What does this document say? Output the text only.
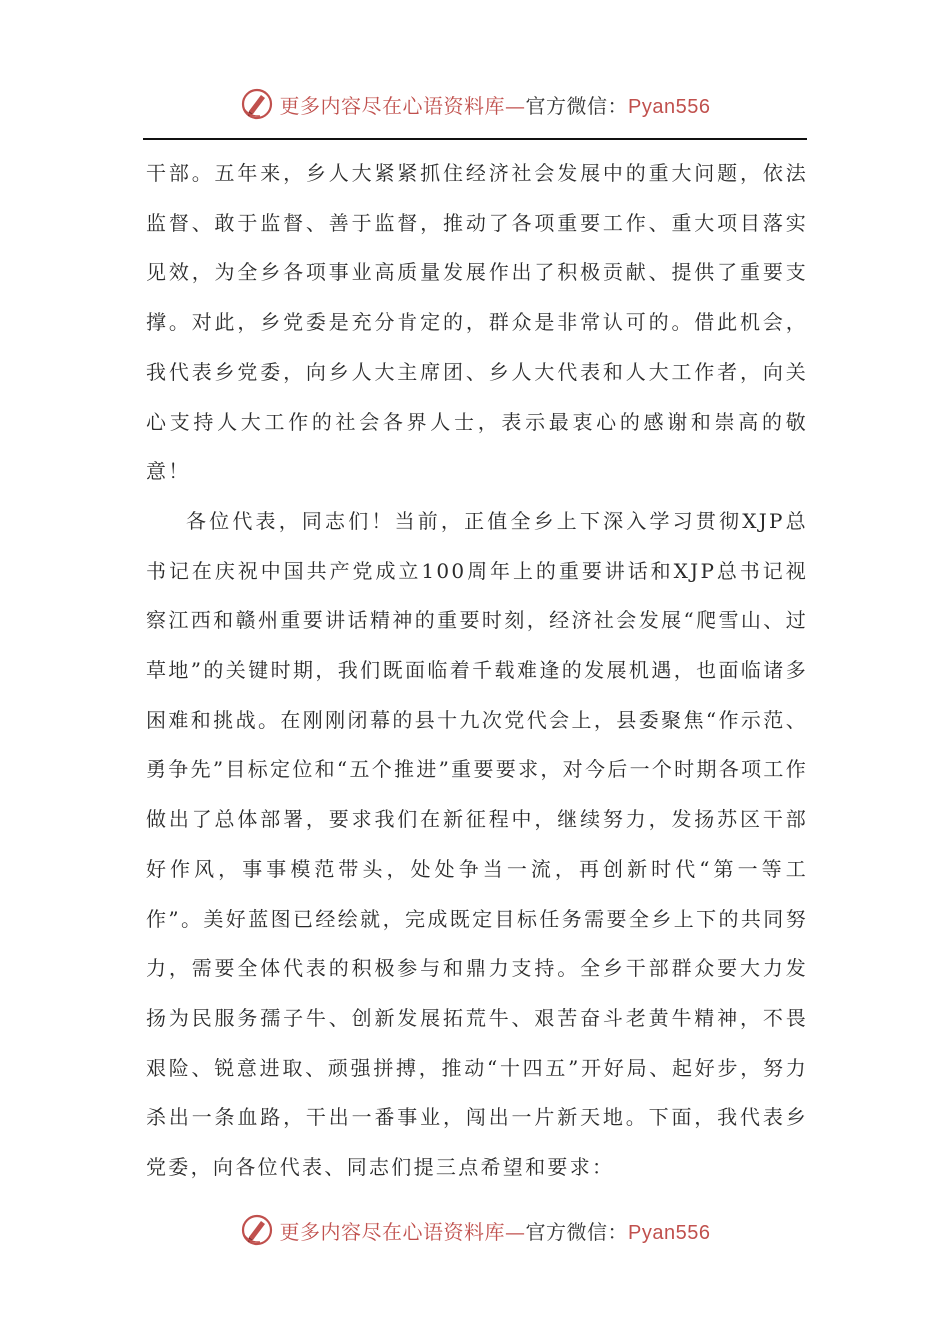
更多内容尽在心语资料库—官方微信：Pyan556

干部。五年来，乡人大紧紧抓住经济社会发展中的重大问题，依法监督、敢于监督、善于监督，推动了各项重要工作、重大项目落实见效，为全乡各项事业高质量发展作出了积极贡献、提供了重要支撑。对此，乡党委是充分肯定的，群众是非常认可的。借此机会，我代表乡党委，向乡人大主席团、乡人大代表和人大工作者，向关心支持人大工作的社会各界人士，表示最衷心的感谢和崇高的敬意！

各位代表，同志们！当前，正值全乡上下深入学习贯彻XJP总书记在庆祝中国共产党成立100周年上的重要讲话和XJP总书记视察江西和赣州重要讲话精神的重要时刻，经济社会发展“爬雪山、过草地”的关键时期，我们既面临着千载难逢的发展机遇，也面临诸多困难和挑战。在刚刚闭幕的县十九次党代会上，县委聚焦“作示范、勇争先”目标定位和“五个推进”重要要求，对今后一个时期各项工作做出了总体部署，要求我们在新征程中，继续努力，发扬苏区干部好作风，事事模范带头，处处争当一流，再创新时代“第一等工作”。美好蓝图已经绘就，完成既定目标任务需要全乡上下的共同努力，需要全体代表的积极参与和鼎力支持。全乡干部群众要大力发扬为民服务孺子牛、创新发展拓荒牛、艰苦奋斗老黄牛精神，不畏艰险、锐意进取、顽强拼搏，推动“十四五”开好局、起好步，努力杀出一条血路，干出一番事业，闯出一片新天地。下面，我代表乡党委，向各位代表、同志们提三点希望和要求：

更多内容尽在心语资料库—官方微信：Pyan556
